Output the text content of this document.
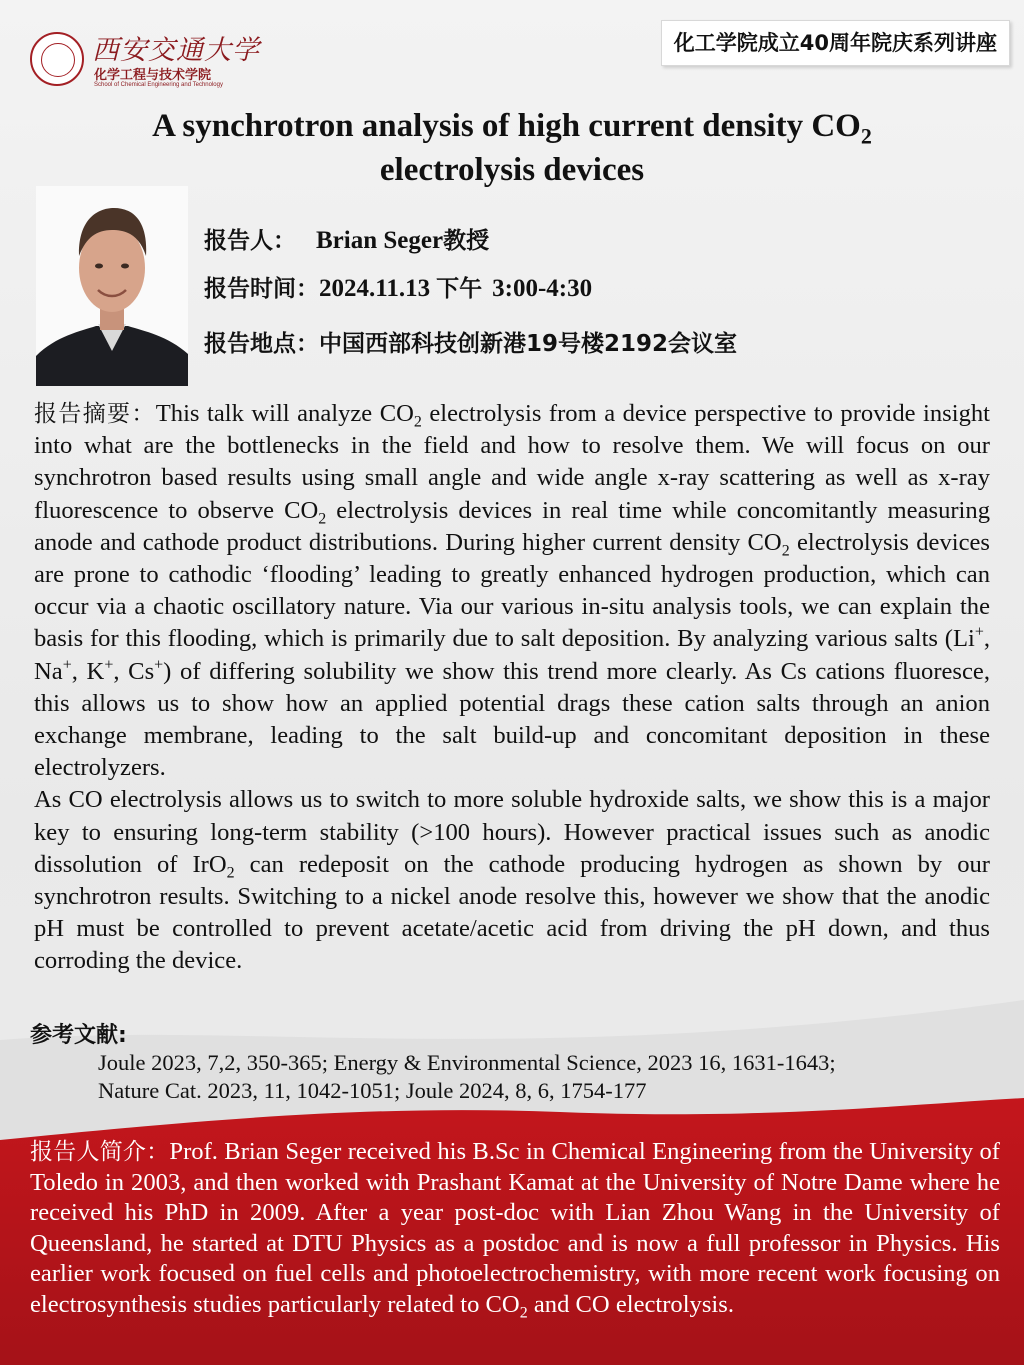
西安交通大学
化学工程与技术学院
School of Chemical Engineering and Technology
化工学院成立40周年院庆系列讲座
A synchrotron analysis of high current density $CO_2$
electrolysis devices
报告人： Brian Seger教授
报告时间：2024.11.13 下午 3:00-4:30
报告地点：中国西部科技创新港19号楼2192会议室

报告摘要：This talk will analyze $CO_2$ electrolysis from a device perspective to provide insight into what are the bottlenecks in the field and how to resolve them. We will focus on our synchrotron based results using small angle and wide angle x-ray scattering as well as x-ray fluorescence to observe $CO_2$ electrolysis devices in real time while concomitantly measuring anode and cathode product distributions. During higher current density $CO_2$ electrolysis devices are prone to cathodic ‘flooding’ leading to greatly enhanced hydrogen production, which can occur via a chaotic oscillatory nature. Via our various in-situ analysis tools, we can explain the basis for this flooding, which is primarily due to salt deposition. By analyzing various salts (Li+, Na+, K+, Cs+) of differing solubility we show this trend more clearly. As Cs cations fluoresce, this allows us to show how an applied potential drags these cation salts through an anion exchange membrane, leading to the salt build-up and concomitant deposition in these electrolyzers.

As CO electrolysis allows us to switch to more soluble hydroxide salts, we show this is a major key to ensuring long-term stability (>100 hours). However practical issues such as anodic dissolution of IrO$_2$ can redeposit on the cathode producing hydrogen as shown by our synchrotron results. Switching to a nickel anode resolve this, however we show that the anodic pH must be controlled to prevent acetate/acetic acid from driving the pH down, and thus corroding the device.

参考文献:
Joule 2023, 7,2, 350-365; Energy & Environmental Science, 2023 16, 1631-1643;
Nature Cat. 2023, 11, 1042-1051; Joule 2024, 8, 6, 1754-177
报告人简介：Prof. Brian Seger received his B.Sc in Chemical Engineering from the University of Toledo in 2003, and then worked with Prashant Kamat at the University of Notre Dame where he received his PhD in 2009. After a year post-doc with Lian Zhou Wang in the University of Queensland, he started at DTU Physics as a postdoc and is now a full professor in Physics. His earlier work focused on fuel cells and photoelectrochemistry, with more recent work focusing on electrosynthesis studies particularly related to $CO_2$ and CO electrolysis.
